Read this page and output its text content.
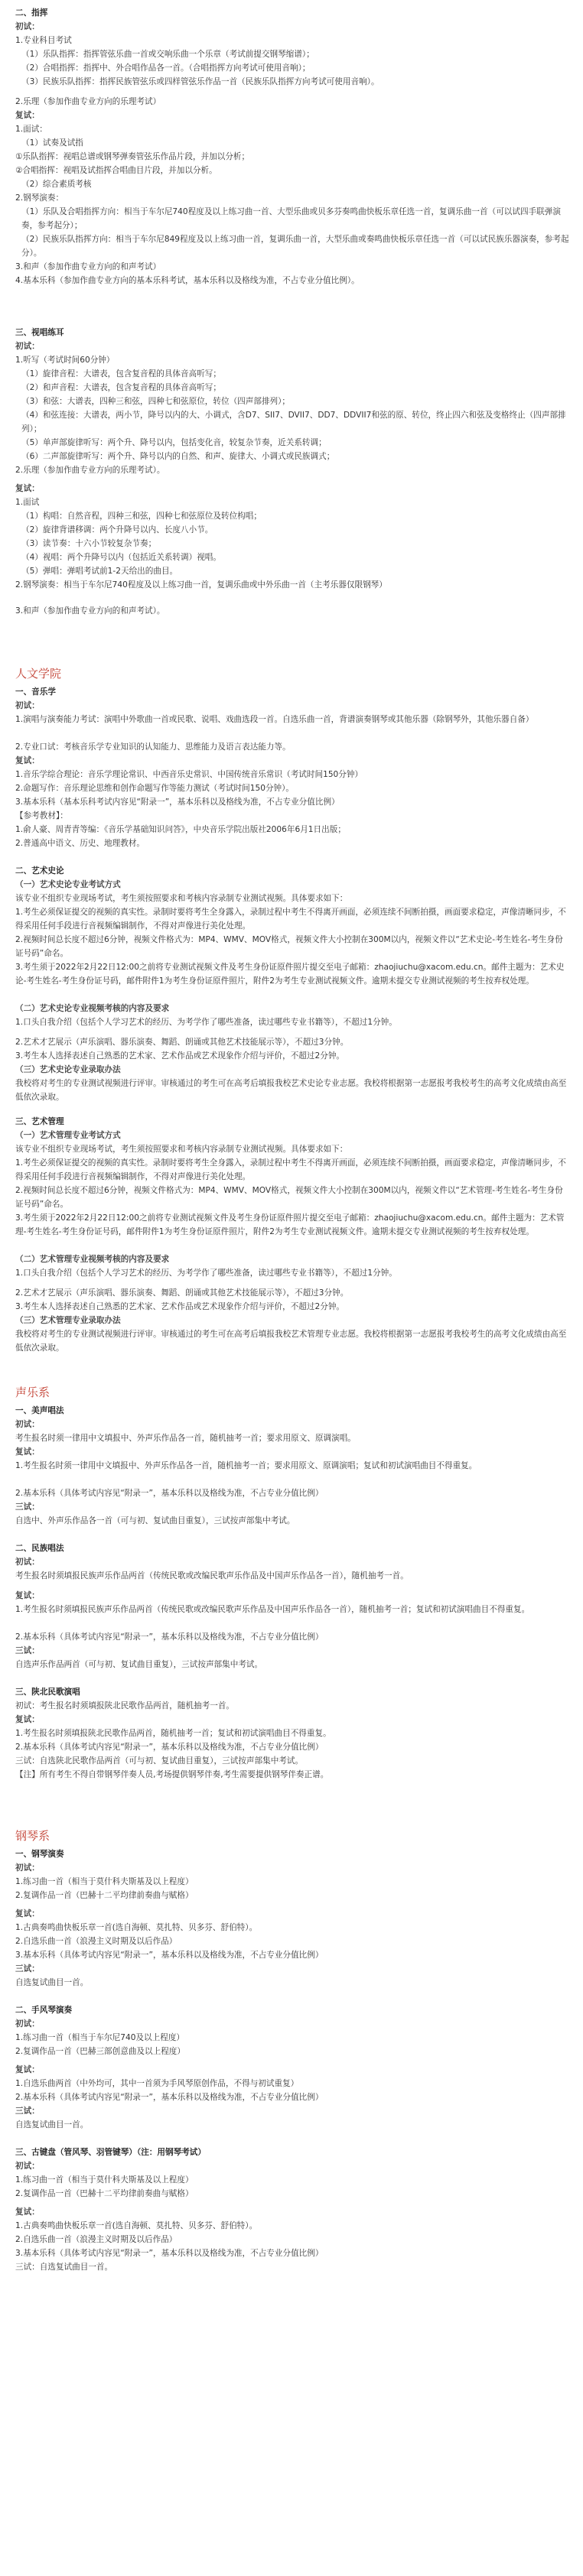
二、指挥
初试：
1.专业科目考试
（1）乐队指挥：指挥管弦乐曲一首或交响乐曲一个乐章（考试前提交钢琴缩谱）；
（2）合唱指挥：指挥中、外合唱作品各一首。（合唱指挥方向考试可使用音响）；
（3）民族乐队指挥：指挥民族管弦乐或四样管弦乐作品一首（民族乐队指挥方向考试可使用音响）。
2.乐理（参加作曲专业方向的乐理考试）
复试：
1.面试：
（1）试奏及试指
①乐队指挥：视唱总谱或钢琴弹奏管弦乐作品片段，并加以分析；
②合唱指挥：视唱及试指挥合唱曲目片段，并加以分析。
（2）综合素质考核
2.钢琴演奏：
（1）乐队及合唱指挥方向：相当于车尔尼740程度及以上练习曲一首、大型乐曲或贝多芬奏鸣曲快板乐章任选一首，复调乐曲一首（可以试四手联弹演奏，参考起分）；
（2）民族乐队指挥方向：相当于车尔尼849程度及以上练习曲一首，复调乐曲一首，大型乐曲或奏鸣曲快板乐章任选一首（可以试民族乐器演奏，参考起分）。
3.和声（参加作曲专业方向的和声考试）
4.基本乐科（参加作曲专业方向的基本乐科考试，基本乐科以及格线为准，不占专业分值比例）。
三、视唱练耳
初试：
1.听写（考试时间60分钟）
（1）旋律音程：大谱表，包含复音程的具体音高听写；
（2）和声音程：大谱表，包含复音程的具体音高听写；
（3）和弦：大谱表，四种三和弦，四种七和弦原位，转位（四声部排列）；
（4）和弦连接：大谱表，两小节，降号以内的大、小调式，含D7、SII7、DVII7、DD7、DDVII7和弦的原、转位，终止四六和弦及变格终止（四声部排列）；
（5）单声部旋律听写：两个升、降号以内，包括变化音，较复杂节奏，近关系转调；
（6）二声部旋律听写：两个升、降号以内的自然、和声、旋律大、小调式或民族调式；
2.乐理（参加作曲专业方向的乐理考试）。
复试：
1.面试
（1）构唱：自然音程，四种三和弦，四种七和弦原位及转位构唱；
（2）旋律背谱移调：两个升降号以内、长度八小节。
（3）读节奏：十六小节较复杂节奏；
（4）视唱：两个升降号以内（包括近关系转调）视唱。
（5）弹唱：弹唱考试前1-2天给出的曲目。
2.钢琴演奏：相当于车尔尼740程度及以上练习曲一首，复调乐曲或中外乐曲一首（主考乐器仅限钢琴）
3.和声（参加作曲专业方向的和声考试）。
人文学院
一、音乐学
初试：
1.演唱与演奏能力考试：演唱中外歌曲一首或民歌、说唱、戏曲选段一首。自选乐曲一首，背谱演奏钢琴或其他乐器（除钢琴外，其他乐器自备）
2.专业口试：考核音乐学专业知识的认知能力、思维能力及语言表达能力等。
复试：
1.音乐学综合理论：音乐学理论常识、中西音乐史常识、中国传统音乐常识（考试时间150分钟）
2.命题写作：音乐理论思维和创作命题写作等能力测试（考试时间150分钟）。
3.基本乐科（基本乐科考试内容见“附录一”，基本乐科以及格线为准，不占专业分值比例）
【参考教材】：
1.俞人豪、周青青等编：《音乐学基础知识问答》，中央音乐学院出版社2006年6月1日出版；
2.普通高中语文、历史、地理教材。
二、艺术史论
（一）艺术史论专业考试方式
该专业不组织专业现场考试，考生须按照要求和考核内容录制专业测试视频。具体要求如下：
1.考生必须保证提交的视频的真实性。录制时要将考生全身露入，录制过程中考生不得离开画面，必须连续不间断拍摄，画面要求稳定，声像清晰同步，不得采用任何手段进行音视频编辑制作，不得对声像进行美化处理。
2.视频时间总长度不超过6分钟，视频文件格式为：MP4、WMV、MOV格式，视频文件大小控制在300M以内，视频文件以“艺术史论-考生姓名-考生身份证号码”命名。
3.考生须于2022年2月22日12:00之前将专业测试视频文件及考生身份证原件照片提交至电子邮箱：zhaojiuchu@xacom.edu.cn。邮件主题为：艺术史论-考生姓名-考生身份证号码，邮件附件1为考生身份证原件照片，附件2为考生专业测试视频文件。逾期未提交专业测试视频的考生按弃权处理。
（二）艺术史论专业视频考核的内容及要求
1.口头自我介绍（包括个人学习艺术的经历、为考学作了哪些准备，读过哪些专业书籍等），不超过1分钟。
2.艺术才艺展示（声乐演唱、器乐演奏、舞蹈、朗诵或其他艺术技能展示等），不超过3分钟。
3.考生本人选择表述自己熟悉的艺术家、艺术作品或艺术现象作介绍与评价，不超过2分钟。
（三）艺术史论专业录取办法
我校将对考生的专业测试视频进行评审。审核通过的考生可在高考后填报我校艺术史论专业志愿。我校将根据第一志愿报考我校考生的高考文化成绩由高至低依次录取。
三、艺术管理
（一）艺术管理专业考试方式
该专业不组织专业现场考试，考生须按照要求和考核内容录制专业测试视频。具体要求如下：
1.考生必须保证提交的视频的真实性。录制时要将考生全身露入，录制过程中考生不得离开画面，必须连续不间断拍摄，画面要求稳定，声像清晰同步，不得采用任何手段进行音视频编辑制作，不得对声像进行美化处理。
2.视频时间总长度不超过6分钟，视频文件格式为：MP4、WMV、MOV格式，视频文件大小控制在300M以内，视频文件以“艺术管理-考生姓名-考生身份证号码”命名。
3.考生须于2022年2月22日12:00之前将专业测试视频文件及考生身份证原件照片提交至电子邮箱：zhaojiuchu@xacom.edu.cn。邮件主题为：艺术管理-考生姓名-考生身份证号码，邮件附件1为考生身份证原件照片，附件2为考生专业测试视频文件。逾期未提交专业测试视频的考生按弃权处理。
（二）艺术管理专业视频考核的内容及要求
1.口头自我介绍（包括个人学习艺术的经历、为考学作了哪些准备，读过哪些专业书籍等），不超过1分钟。
2.艺术才艺展示（声乐演唱、器乐演奏、舞蹈、朗诵或其他艺术技能展示等），不超过3分钟。
3.考生本人选择表述自己熟悉的艺术家、艺术作品或艺术现象作介绍与评价，不超过2分钟。
（三）艺术管理专业录取办法
我校将对考生的专业测试视频进行评审。审核通过的考生可在高考后填报我校艺术管理专业志愿。我校将根据第一志愿报考我校考生的高考文化成绩由高至低依次录取。
声乐系
一、美声唱法
初试：
考生报名时须一律用中文填报中、外声乐作品各一首，随机抽考一首；要求用原文、原调演唱。
复试：
1.考生报名时须一律用中文填报中、外声乐作品各一首，随机抽考一首；要求用原文、原调演唱；复试和初试演唱曲目不得重复。
2.基本乐科（具体考试内容见“附录一”，基本乐科以及格线为准，不占专业分值比例）
三试：
自选中、外声乐作品各一首（可与初、复试曲目重复），三试按声部集中考试。
二、民族唱法
初试：
考生报名时须填报民族声乐作品两首（传统民歌或改编民歌声乐作品及中国声乐作品各一首），随机抽考一首。
复试：
1.考生报名时须填报民族声乐作品两首（传统民歌或改编民歌声乐作品及中国声乐作品各一首），随机抽考一首；复试和初试演唱曲目不得重复。
2.基本乐科（具体考试内容见“附录一”，基本乐科以及格线为准，不占专业分值比例）
三试：
自选声乐作品两首（可与初、复试曲目重复），三试按声部集中考试。
三、陕北民歌演唱
初试：考生报名时须填报陕北民歌作品两首，随机抽考一首。
复试：
1.考生报名时须填报陕北民歌作品两首，随机抽考一首；复试和初试演唱曲目不得重复。
2.基本乐科（具体考试内容见“附录一”，基本乐科以及格线为准，不占专业分值比例）
三试：自选陕北民歌作品两首（可与初、复试曲目重复），三试按声部集中考试。
【注】所有考生不得自带钢琴伴奏人员,考场提供钢琴伴奏,考生需要提供钢琴伴奏正谱。
钢琴系
一、钢琴演奏
初试：
1.练习曲一首（相当于莫什科夫斯基及以上程度）
2.复调作品一首（巴赫十二平均律前奏曲与赋格）
复试：
1.古典奏鸣曲快板乐章一首(选自海顿、莫扎特、贝多芬、舒伯特）。
2.自选乐曲一首（浪漫主义时期及以后作品）
3.基本乐科（具体考试内容见“附录一”，基本乐科以及格线为准，不占专业分值比例）
三试：
自选复试曲目一首。
二、手风琴演奏
初试：
1.练习曲一首（相当于车尔尼740及以上程度）
2.复调作品一首（巴赫三部创意曲及以上程度）
复试：
1.自选乐曲两首（中外均可，其中一首须为手风琴原创作品，不得与初试重复）
2.基本乐科（具体考试内容见“附录一”，基本乐科以及格线为准，不占专业分值比例）
三试：
自选复试曲目一首。
三、古键盘（管风琴、羽管键琴）（注：用钢琴考试）
初试：
1.练习曲一首（相当于莫什科夫斯基及以上程度）
2.复调作品一首（巴赫十二平均律前奏曲与赋格）
复试：
1.古典奏鸣曲快板乐章一首(选自海顿、莫扎特、贝多芬、舒伯特）。
2.自选乐曲一首（浪漫主义时期及以后作品）
3.基本乐科（具体考试内容见“附录一”，基本乐科以及格线为准，不占专业分值比例）
三试：自选复试曲目一首。
